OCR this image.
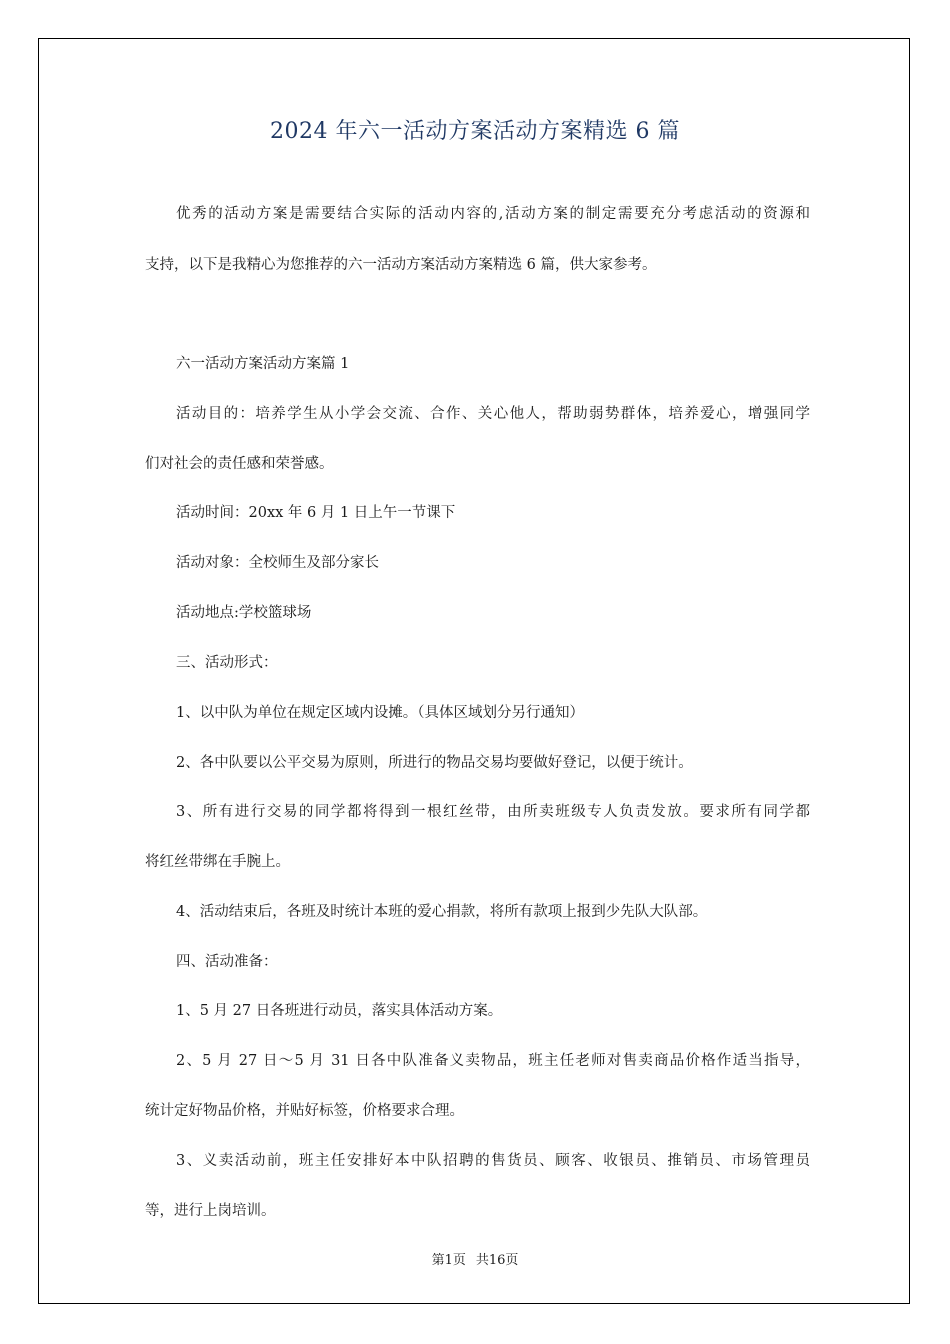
2024 年六一活动方案活动方案精选 6 篇

优秀的活动方案是需要结合实际的活动内容的,活动方案的制定需要充分考虑活动的资源和

支持，以下是我精心为您推荐的六一活动方案活动方案精选 6 篇，供大家参考。

六一活动方案活动方案篇 1

活动目的：培养学生从小学会交流、合作、关心他人，帮助弱势群体，培养爱心，增强同学

们对社会的责任感和荣誉感。

活动时间：20xx 年 6 月 1 日上午一节课下

活动对象：全校师生及部分家长

活动地点:学校篮球场

三、活动形式：

1、以中队为单位在规定区域内设摊。（具体区域划分另行通知）

2、各中队要以公平交易为原则，所进行的物品交易均要做好登记，以便于统计。

3、所有进行交易的同学都将得到一根红丝带，由所卖班级专人负责发放。要求所有同学都

将红丝带绑在手腕上。

4、活动结束后，各班及时统计本班的爱心捐款，将所有款项上报到少先队大队部。

四、活动准备：

1、5 月 27 日各班进行动员，落实具体活动方案。

2、5 月 27 日～5 月 31 日各中队准备义卖物品，班主任老师对售卖商品价格作适当指导，

统计定好物品价格，并贴好标签，价格要求合理。

3、义卖活动前，班主任安排好本中队招聘的售货员、顾客、收银员、推销员、市场管理员

等，进行上岗培训。

第1页 共16页
